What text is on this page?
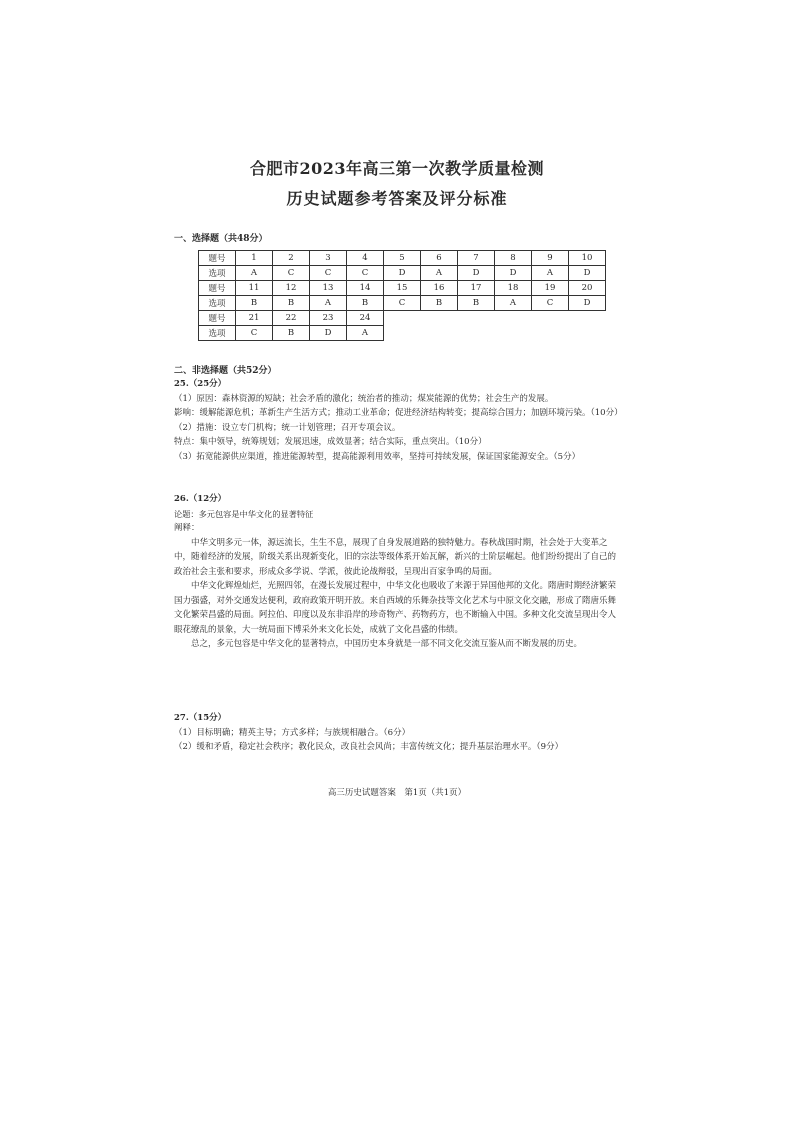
合肥市2023年高三第一次教学质量检测
历史试题参考答案及评分标准
一、选择题（共48分）
题号	1	2	3	4	5	6	7	8	9	10
选项	A	C	C	C	D	A	D	D	A	D
题号	11	12	13	14	15	16	17	18	19	20
选项	B	B	A	B	C	B	B	A	C	D
题号	21	22	23	24						
选项	C	B	D	A						
二、非选择题（共52分）

25.（25分）

（1）原因：森林资源的短缺；社会矛盾的激化；统治者的推动；煤炭能源的优势；社会生产的发展。

影响：缓解能源危机；革新生产生活方式；推动工业革命；促进经济结构转变；提高综合国力；加剧环境污染。（10分）

（2）措施：设立专门机构；统一计划管理；召开专项会议。

特点：集中领导，统筹规划；发展迅速，成效显著；结合实际，重点突出。（10分）

（3）拓宽能源供应渠道，推进能源转型，提高能源利用效率，坚持可持续发展，保证国家能源安全。（5分）

26.（12分）

论题：多元包容是中华文化的显著特征

阐释：

中华文明多元一体，源远流长，生生不息，展现了自身发展道路的独特魅力。春秋战国时期，社会处于大变革之中，随着经济的发展，阶级关系出现新变化，旧的宗法等级体系开始瓦解，新兴的士阶层崛起。他们纷纷提出了自己的政治社会主张和要求，形成众多学说、学派，彼此论战辩驳，呈现出百家争鸣的局面。

中华文化辉煌灿烂，光照四邻，在漫长发展过程中，中华文化也吸收了来源于异国他邦的文化。隋唐时期经济繁荣国力强盛，对外交通发达便利，政府政策开明开放。来自西域的乐舞杂技等文化艺术与中原文化交融，形成了隋唐乐舞文化繁荣昌盛的局面。阿拉伯、印度以及东非沿岸的珍奇物产、药物药方，也不断输入中国。多种文化交流呈现出令人眼花缭乱的景象，大一统局面下博采外来文化长处，成就了文化昌盛的伟绩。

总之，多元包容是中华文化的显著特点，中国历史本身就是一部不同文化交流互鉴从而不断发展的历史。

27.（15分）

（1）目标明确；精英主导；方式多样；与族规相融合。（6分）

（2）缓和矛盾，稳定社会秩序；教化民众，改良社会风尚；丰富传统文化；提升基层治理水平。（9分）

高三历史试题答案　第1页（共1页）
